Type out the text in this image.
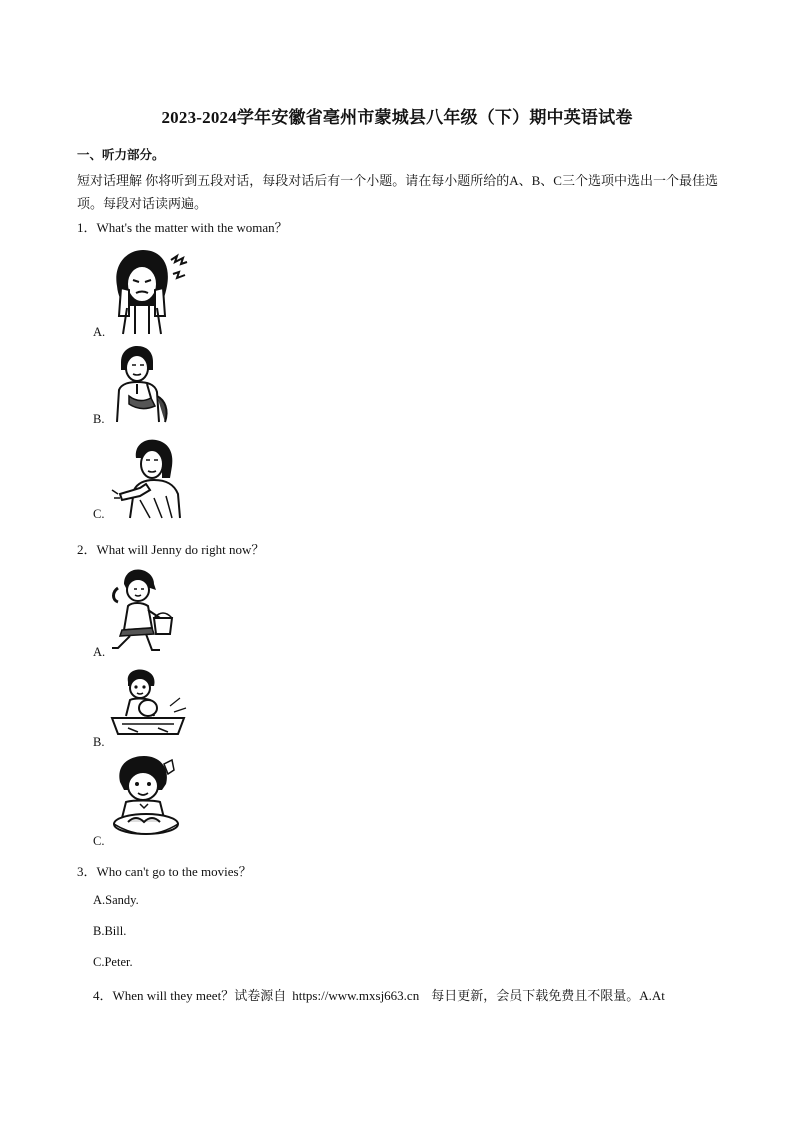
2023-2024学年安徽省亳州市蒙城县八年级（下）期中英语试卷
一、听力部分。
短对话理解 你将听到五段对话，每段对话后有一个小题。请在每小题所给的A、B、C三个选项中选出一个最佳选项。每段对话读两遍。
1．What's the matter with the woman？
A.
B.
C.
2．What will Jenny do right now？
A.
B.
C.
3．Who can't go to the movies？
A.Sandy.
B.Bill.
C.Peter.
4．When will they meet？试卷源自 https://www.mxsj663.cn 每日更新，会员下载免费且不限量。A.At
